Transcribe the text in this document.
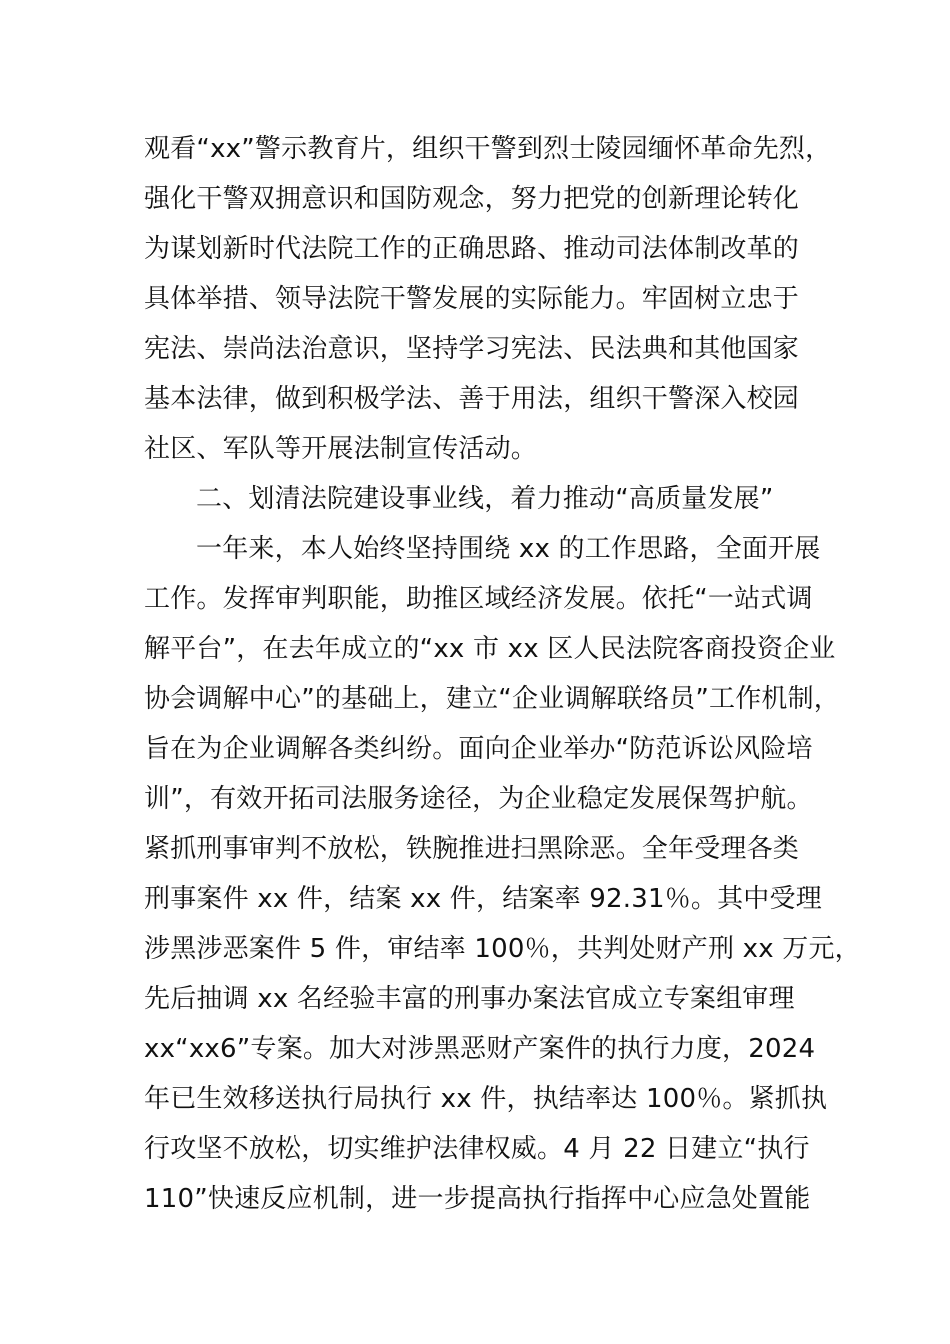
观看“xx”警示教育片，组织干警到烈士陵园缅怀革命先烈，
强化干警双拥意识和国防观念，努力把党的创新理论转化
为谋划新时代法院工作的正确思路、推动司法体制改革的
具体举措、领导法院干警发展的实际能力。牢固树立忠于
宪法、崇尚法治意识，坚持学习宪法、民法典和其他国家
基本法律，做到积极学法、善于用法，组织干警深入校园
社区、军队等开展法制宣传活动。
二、划清法院建设事业线，着力推动“高质量发展”
一年来，本人始终坚持围绕 xx 的工作思路，全面开展
工作。发挥审判职能，助推区域经济发展。依托“一站式调
解平台”，在去年成立的“xx 市 xx 区人民法院客商投资企业
协会调解中心”的基础上，建立“企业调解联络员”工作机制，
旨在为企业调解各类纠纷。面向企业举办“防范诉讼风险培
训”，有效开拓司法服务途径，为企业稳定发展保驾护航。
紧抓刑事审判不放松，铁腕推进扫黑除恶。全年受理各类
刑事案件 xx 件，结案 xx 件，结案率 92.31％。其中受理
涉黑涉恶案件 5 件，审结率 100％，共判处财产刑 xx 万元，
先后抽调 xx 名经验丰富的刑事办案法官成立专案组审理
xx“xx6”专案。加大对涉黑恶财产案件的执行力度，2024
年已生效移送执行局执行 xx 件，执结率达 100％。紧抓执
行攻坚不放松，切实维护法律权威。4 月 22 日建立“执行
110”快速反应机制，进一步提高执行指挥中心应急处置能
